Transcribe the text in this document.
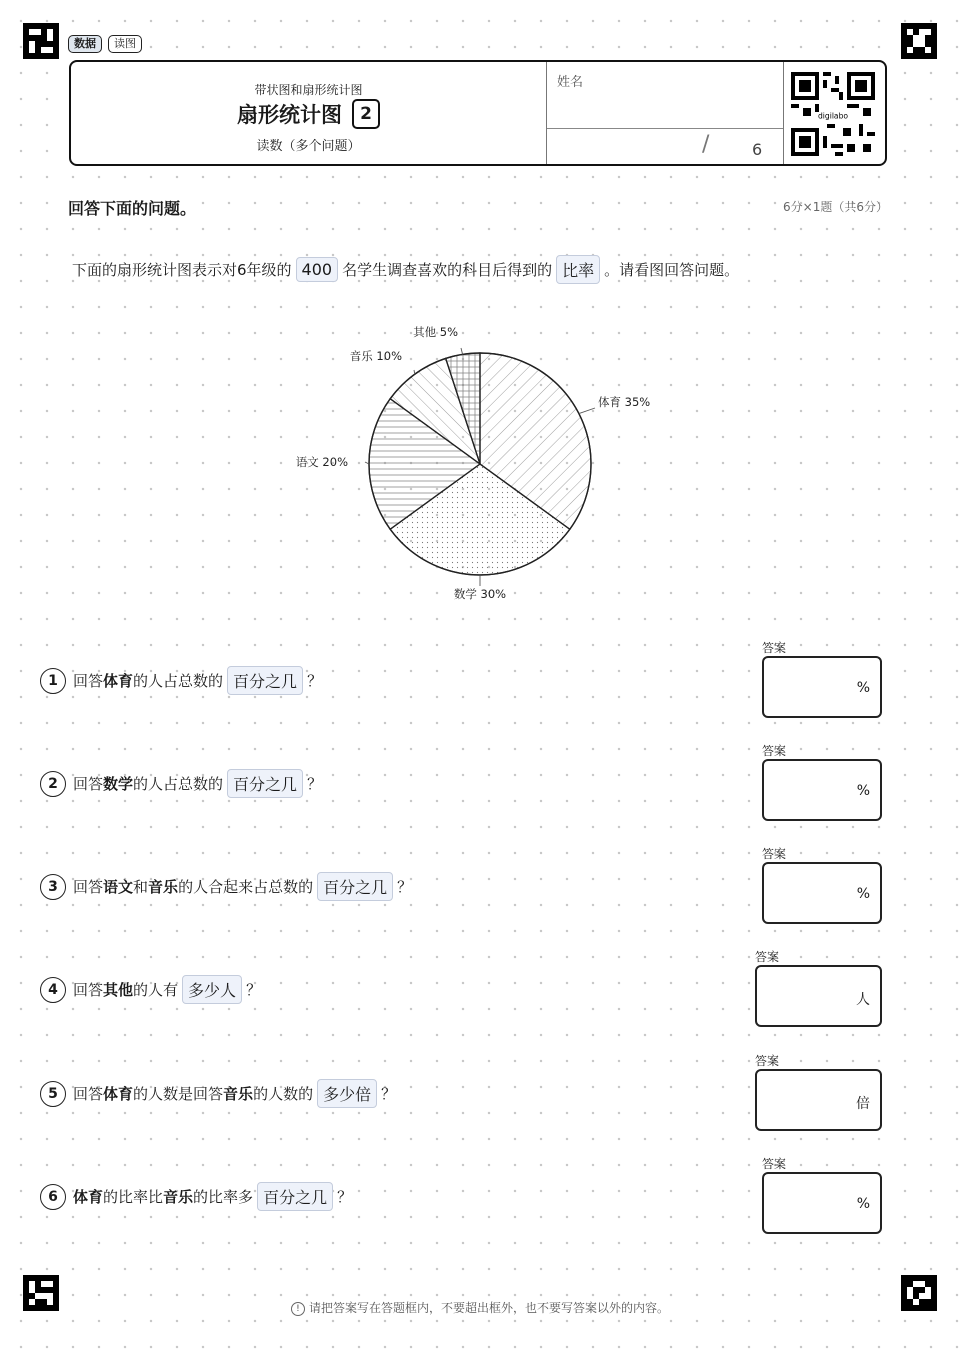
数据	读图
带状图和扇形统计图
扇形统计图	2
读数（多个问题）
姓名
/	6
digilabo
回答下面的问题。	6分×1题（共6分）
下面的扇形统计图表示对6年级的 400 名学生调查喜欢的科目后得到的 比率 。请看图回答问题。
体育 35%
数学 30%
语文 20%
音乐 10%
其他 5%
1	回答 体育 的人占总数的 百分之几 ？
答案
%
2	回答 数学 的人占总数的 百分之几 ？
答案
%
3	回答 语文 和 音乐 的人合起来占总数的 百分之几 ？
答案
%
4	回答 其他 的人有 多少人 ？
答案
人
5	回答 体育 的人数是回答 音乐 的人数的 多少倍 ？
答案
倍
6	体育 的比率比 音乐 的比率多 百分之几 ？
答案
%
! 请把答案写在答题框内，不要超出框外，也不要写答案以外的内容。
